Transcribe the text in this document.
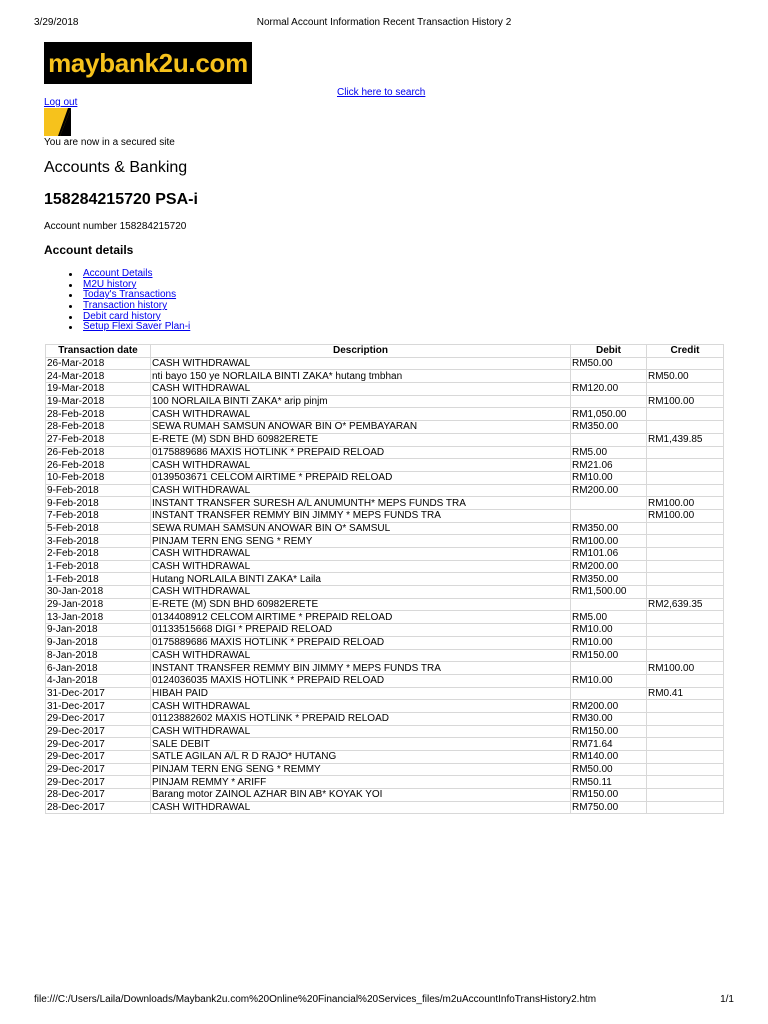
3/29/2018	Normal Account Information Recent Transaction History 2
maybank2u.com
Click here to search
Log out
You are now in a secured site
Accounts & Banking
158284215720 PSA-i
Account number 158284215720
Account details
Account Details
M2U history
Today's Transactions
Transaction history
Debit card history
Setup Flexi Saver Plan-i
Transaction date	Description	Debit	Credit
26-Mar-2018	CASH WITHDRAWAL	RM50.00	
24-Mar-2018	nti bayo 150 ye NORLAILA BINTI ZAKA* hutang tmbhan		RM50.00
19-Mar-2018	CASH WITHDRAWAL	RM120.00	
19-Mar-2018	100 NORLAILA BINTI ZAKA* arip pinjm		RM100.00
28-Feb-2018	CASH WITHDRAWAL	RM1,050.00	
28-Feb-2018	SEWA RUMAH SAMSUN ANOWAR BIN O* PEMBAYARAN	RM350.00	
27-Feb-2018	E-RETE (M) SDN BHD 60982ERETE		RM1,439.85
26-Feb-2018	0175889686 MAXIS HOTLINK * PREPAID RELOAD	RM5.00	
26-Feb-2018	CASH WITHDRAWAL	RM21.06	
10-Feb-2018	0139503671 CELCOM AIRTIME * PREPAID RELOAD	RM10.00	
9-Feb-2018	CASH WITHDRAWAL	RM200.00	
9-Feb-2018	INSTANT TRANSFER SURESH A/L ANUMUNTH* MEPS FUNDS TRA		RM100.00
7-Feb-2018	INSTANT TRANSFER REMMY BIN JIMMY * MEPS FUNDS TRA		RM100.00
5-Feb-2018	SEWA RUMAH SAMSUN ANOWAR BIN O* SAMSUL	RM350.00	
3-Feb-2018	PINJAM TERN ENG SENG * REMY	RM100.00	
2-Feb-2018	CASH WITHDRAWAL	RM101.06	
1-Feb-2018	CASH WITHDRAWAL	RM200.00	
1-Feb-2018	Hutang NORLAILA BINTI ZAKA* Laila	RM350.00	
30-Jan-2018	CASH WITHDRAWAL	RM1,500.00	
29-Jan-2018	E-RETE (M) SDN BHD 60982ERETE		RM2,639.35
13-Jan-2018	0134408912 CELCOM AIRTIME * PREPAID RELOAD	RM5.00	
9-Jan-2018	01133515668 DIGI * PREPAID RELOAD	RM10.00	
9-Jan-2018	0175889686 MAXIS HOTLINK * PREPAID RELOAD	RM10.00	
8-Jan-2018	CASH WITHDRAWAL	RM150.00	
6-Jan-2018	INSTANT TRANSFER REMMY BIN JIMMY * MEPS FUNDS TRA		RM100.00
4-Jan-2018	0124036035 MAXIS HOTLINK * PREPAID RELOAD	RM10.00	
31-Dec-2017	HIBAH PAID		RM0.41
31-Dec-2017	CASH WITHDRAWAL	RM200.00	
29-Dec-2017	01123882602 MAXIS HOTLINK * PREPAID RELOAD	RM30.00	
29-Dec-2017	CASH WITHDRAWAL	RM150.00	
29-Dec-2017	SALE DEBIT	RM71.64	
29-Dec-2017	SATLE AGILAN A/L R D RAJO* HUTANG	RM140.00	
29-Dec-2017	PINJAM TERN ENG SENG * REMMY	RM50.00	
29-Dec-2017	PINJAM REMMY * ARIFF	RM50.11	
28-Dec-2017	Barang motor ZAINOL AZHAR BIN AB* KOYAK YOI	RM150.00	
28-Dec-2017	CASH WITHDRAWAL	RM750.00	
file:///C:/Users/Laila/Downloads/Maybank2u.com%20Online%20Financial%20Services_files/m2uAccountInfoTransHistory2.htm	1/1
